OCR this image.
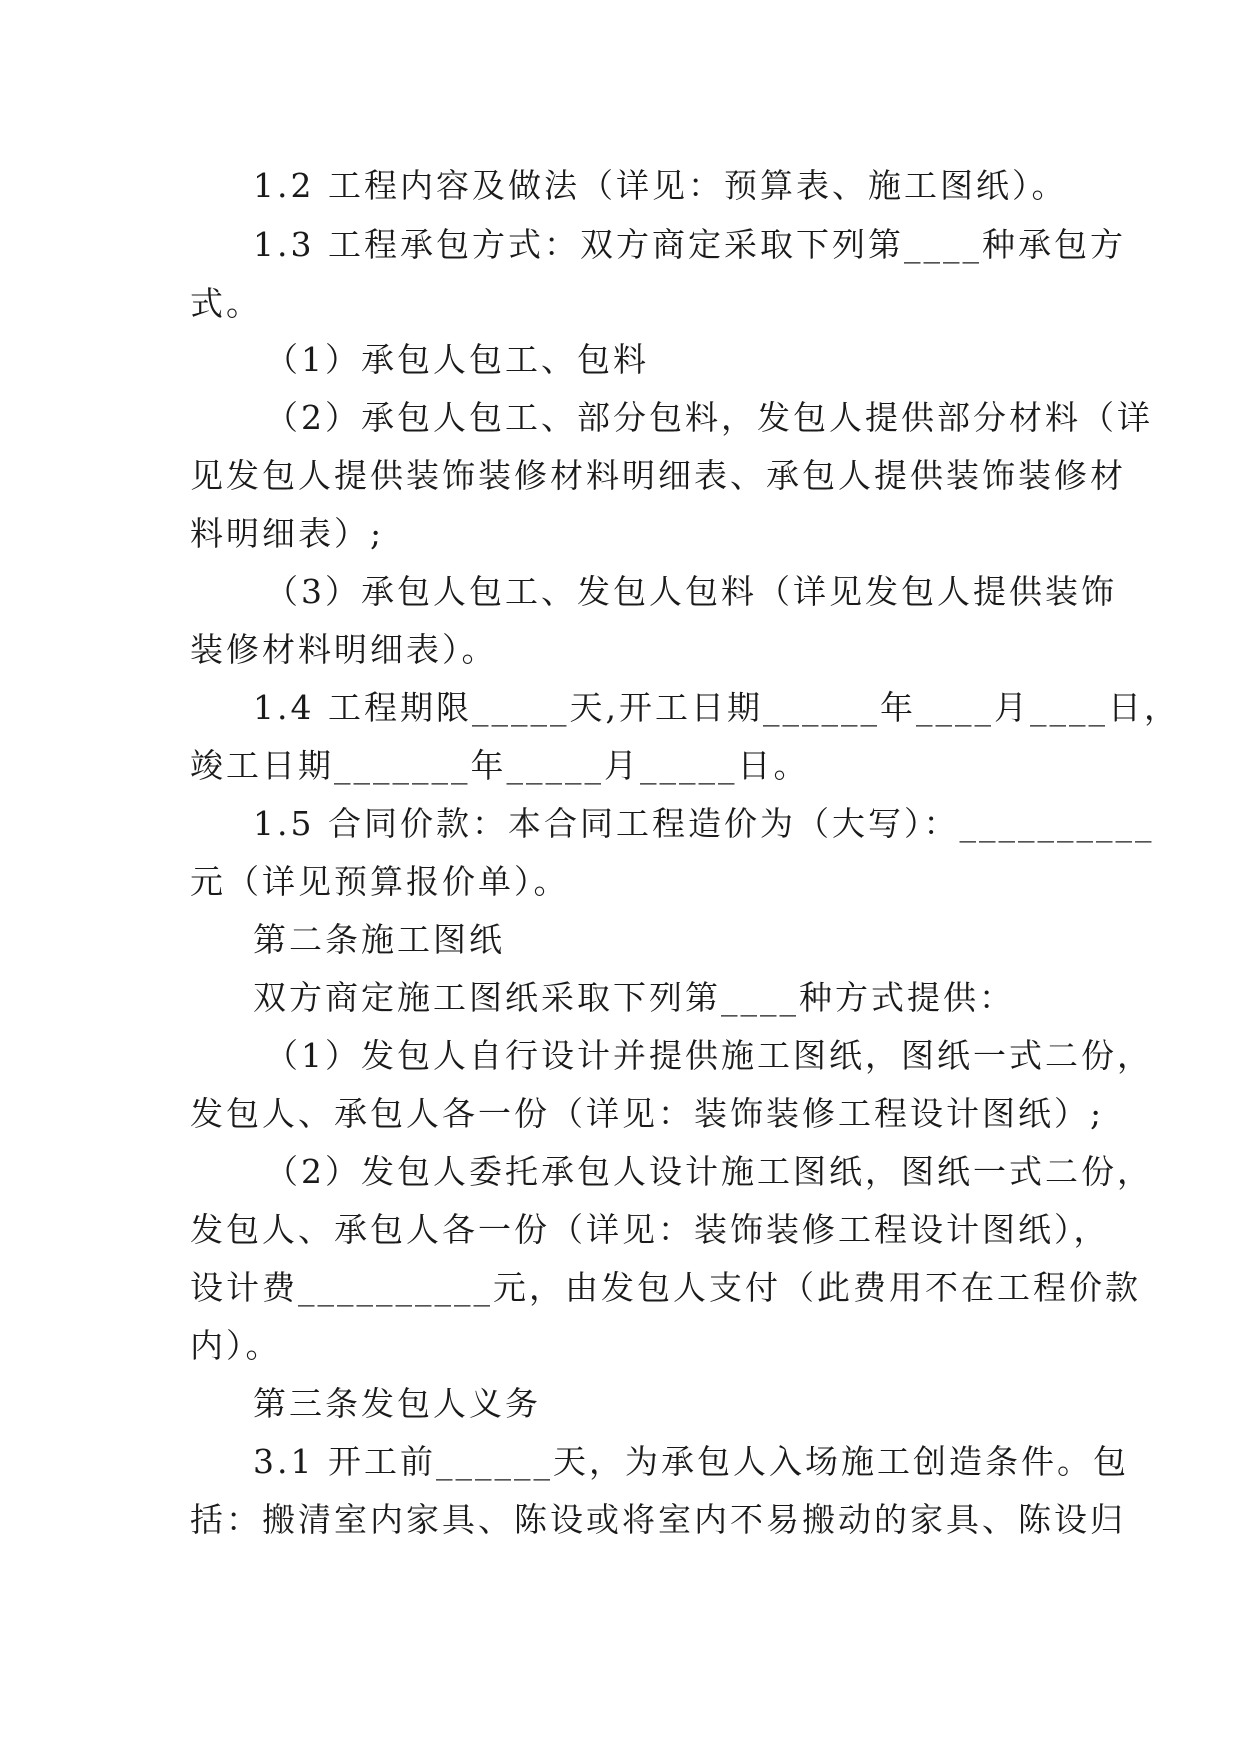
1.2 工程内容及做法（详见：预算表、施工图纸）。
1.3 工程承包方式：双方商定采取下列第____种承包方
式。
（1）承包人包工、包料
（2）承包人包工、部分包料，发包人提供部分材料（详
见发包人提供装饰装修材料明细表、承包人提供装饰装修材
料明细表）;
（3）承包人包工、发包人包料（详见发包人提供装饰
装修材料明细表）。
1.4 工程期限_____天,开工日期______年____月____日，
竣工日期_______年_____月_____日。
1.5 合同价款：本合同工程造价为（大写）：__________
元（详见预算报价单）。
第二条施工图纸
双方商定施工图纸采取下列第____种方式提供：
（1）发包人自行设计并提供施工图纸，图纸一式二份，
发包人、承包人各一份（详见：装饰装修工程设计图纸）;
（2）发包人委托承包人设计施工图纸，图纸一式二份，
发包人、承包人各一份（详见：装饰装修工程设计图纸），
设计费__________元，由发包人支付（此费用不在工程价款
内）。
第三条发包人义务
3.1 开工前______天，为承包人入场施工创造条件。包
括：搬清室内家具、陈设或将室内不易搬动的家具、陈设归
